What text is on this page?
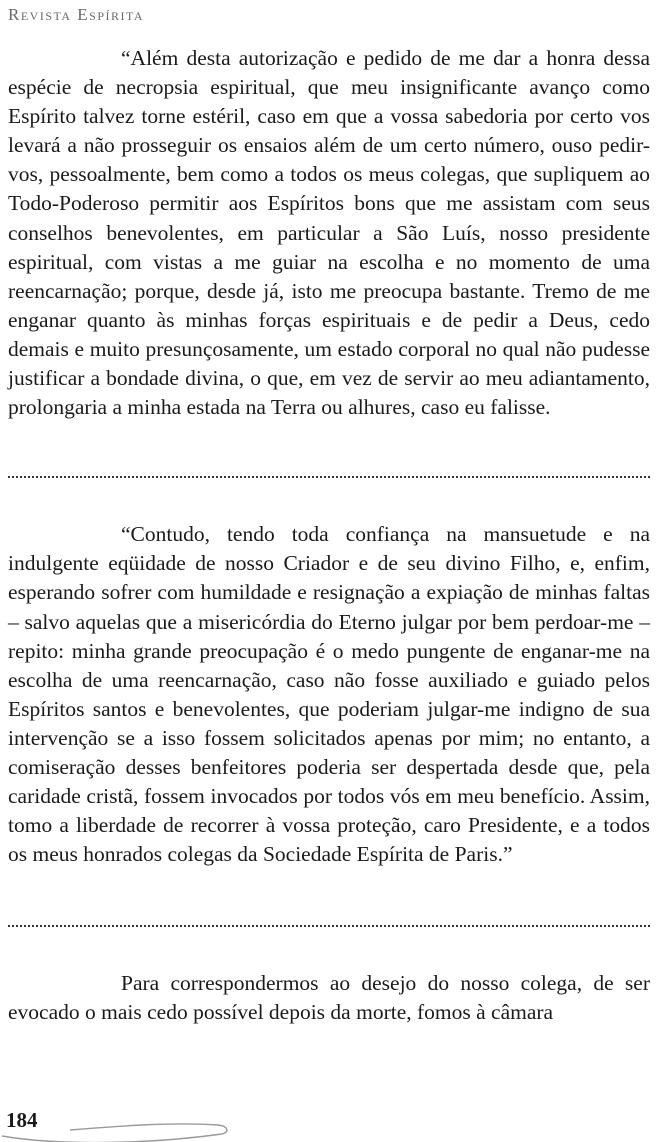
Revista Espírita

“Além desta autorização e pedido de me dar a honra dessa espécie de necropsia espiritual, que meu insignificante avanço como Espírito talvez torne estéril, caso em que a vossa sabedoria por certo vos levará a não prosseguir os ensaios além de um certo número, ouso pedir-vos, pessoalmente, bem como a todos os meus colegas, que supliquem ao Todo-Poderoso permitir aos Espíritos bons que me assistam com seus conselhos benevolentes, em particular a São Luís, nosso presidente espiritual, com vistas a me guiar na escolha e no momento de uma reencarnação; porque, desde já, isto me preocupa bastante. Tremo de me enganar quanto às minhas forças espirituais e de pedir a Deus, cedo demais e muito presunçosamente, um estado corporal no qual não pudesse justificar a bondade divina, o que, em vez de servir ao meu adiantamento, prolongaria a minha estada na Terra ou alhures, caso eu falisse.

“Contudo, tendo toda confiança na mansuetude e na indulgente eqüidade de nosso Criador e de seu divino Filho, e, enfim, esperando sofrer com humildade e resignação a expiação de minhas faltas – salvo aquelas que a misericórdia do Eterno julgar por bem perdoar-me – repito: minha grande preocupação é o medo pungente de enganar-me na escolha de uma reencarnação, caso não fosse auxiliado e guiado pelos Espíritos santos e benevolentes, que poderiam julgar-me indigno de sua intervenção se a isso fossem solicitados apenas por mim; no entanto, a comiseração desses benfeitores poderia ser despertada desde que, pela caridade cristã, fossem invocados por todos vós em meu benefício. Assim, tomo a liberdade de recorrer à vossa proteção, caro Presidente, e a todos os meus honrados colegas da Sociedade Espírita de Paris.”

Para correspondermos ao desejo do nosso colega, de ser evocado o mais cedo possível depois da morte, fomos à câmara

184
